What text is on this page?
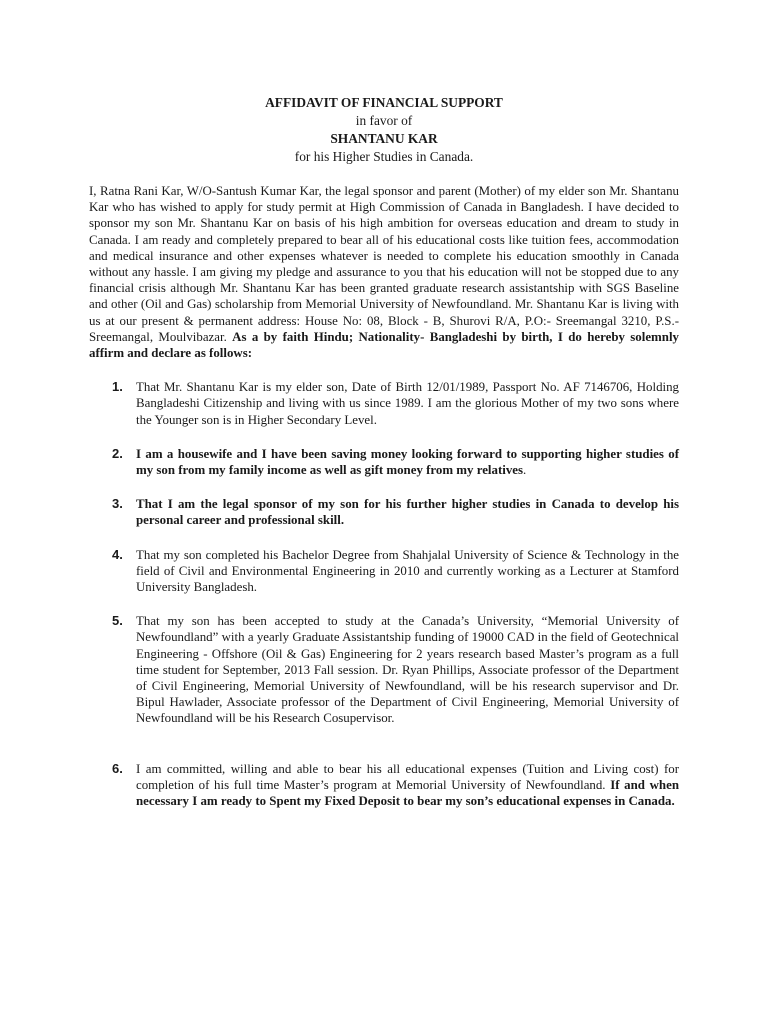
AFFIDAVIT OF FINANCIAL SUPPORT
in favor of
SHANTANU KAR
for his Higher Studies in Canada.

I, Ratna Rani Kar, W/O-Santush Kumar Kar, the legal sponsor and parent (Mother) of my elder son Mr. Shantanu Kar who has wished to apply for study permit at High Commission of Canada in Bangladesh. I have decided to sponsor my son Mr. Shantanu Kar on basis of his high ambition for overseas education and dream to study in Canada. I am ready and completely prepared to bear all of his educational costs like tuition fees, accommodation and medical insurance and other expenses whatever is needed to complete his education smoothly in Canada without any hassle. I am giving my pledge and assurance to you that his education will not be stopped due to any financial crisis although Mr. Shantanu Kar has been granted graduate research assistantship with SGS Baseline and other (Oil and Gas) scholarship from Memorial University of Newfoundland. Mr. Shantanu Kar is living with us at our present & permanent address: House No: 08, Block - B, Shurovi R/A, P.O:- Sreemangal 3210, P.S.-Sreemangal, Moulvibazar. As a by faith Hindu; Nationality- Bangladeshi by birth, I do hereby solemnly affirm and declare as follows:

1. That Mr. Shantanu Kar is my elder son, Date of Birth 12/01/1989, Passport No. AF 7146706, Holding Bangladeshi Citizenship and living with us since 1989. I am the glorious Mother of my two sons where the Younger son is in Higher Secondary Level.
2. I am a housewife and I have been saving money looking forward to supporting higher studies of my son from my family income as well as gift money from my relatives.
3. That I am the legal sponsor of my son for his further higher studies in Canada to develop his personal career and professional skill.
4. That my son completed his Bachelor Degree from Shahjalal University of Science & Technology in the field of Civil and Environmental Engineering in 2010 and currently working as a Lecturer at Stamford University Bangladesh.
5. That my son has been accepted to study at the Canada’s University, “Memorial University of Newfoundland” with a yearly Graduate Assistantship funding of 19000 CAD in the field of Geotechnical Engineering - Offshore (Oil & Gas) Engineering for 2 years research based Master’s program as a full time student for September, 2013 Fall session. Dr. Ryan Phillips, Associate professor of the Department of Civil Engineering, Memorial University of Newfoundland, will be his research supervisor and Dr. Bipul Hawlader, Associate professor of the Department of Civil Engineering, Memorial University of Newfoundland will be his Research Cosupervisor.
6. I am committed, willing and able to bear his all educational expenses (Tuition and Living cost) for completion of his full time Master’s program at Memorial University of Newfoundland. If and when necessary I am ready to Spent my Fixed Deposit to bear my son’s educational expenses in Canada.
